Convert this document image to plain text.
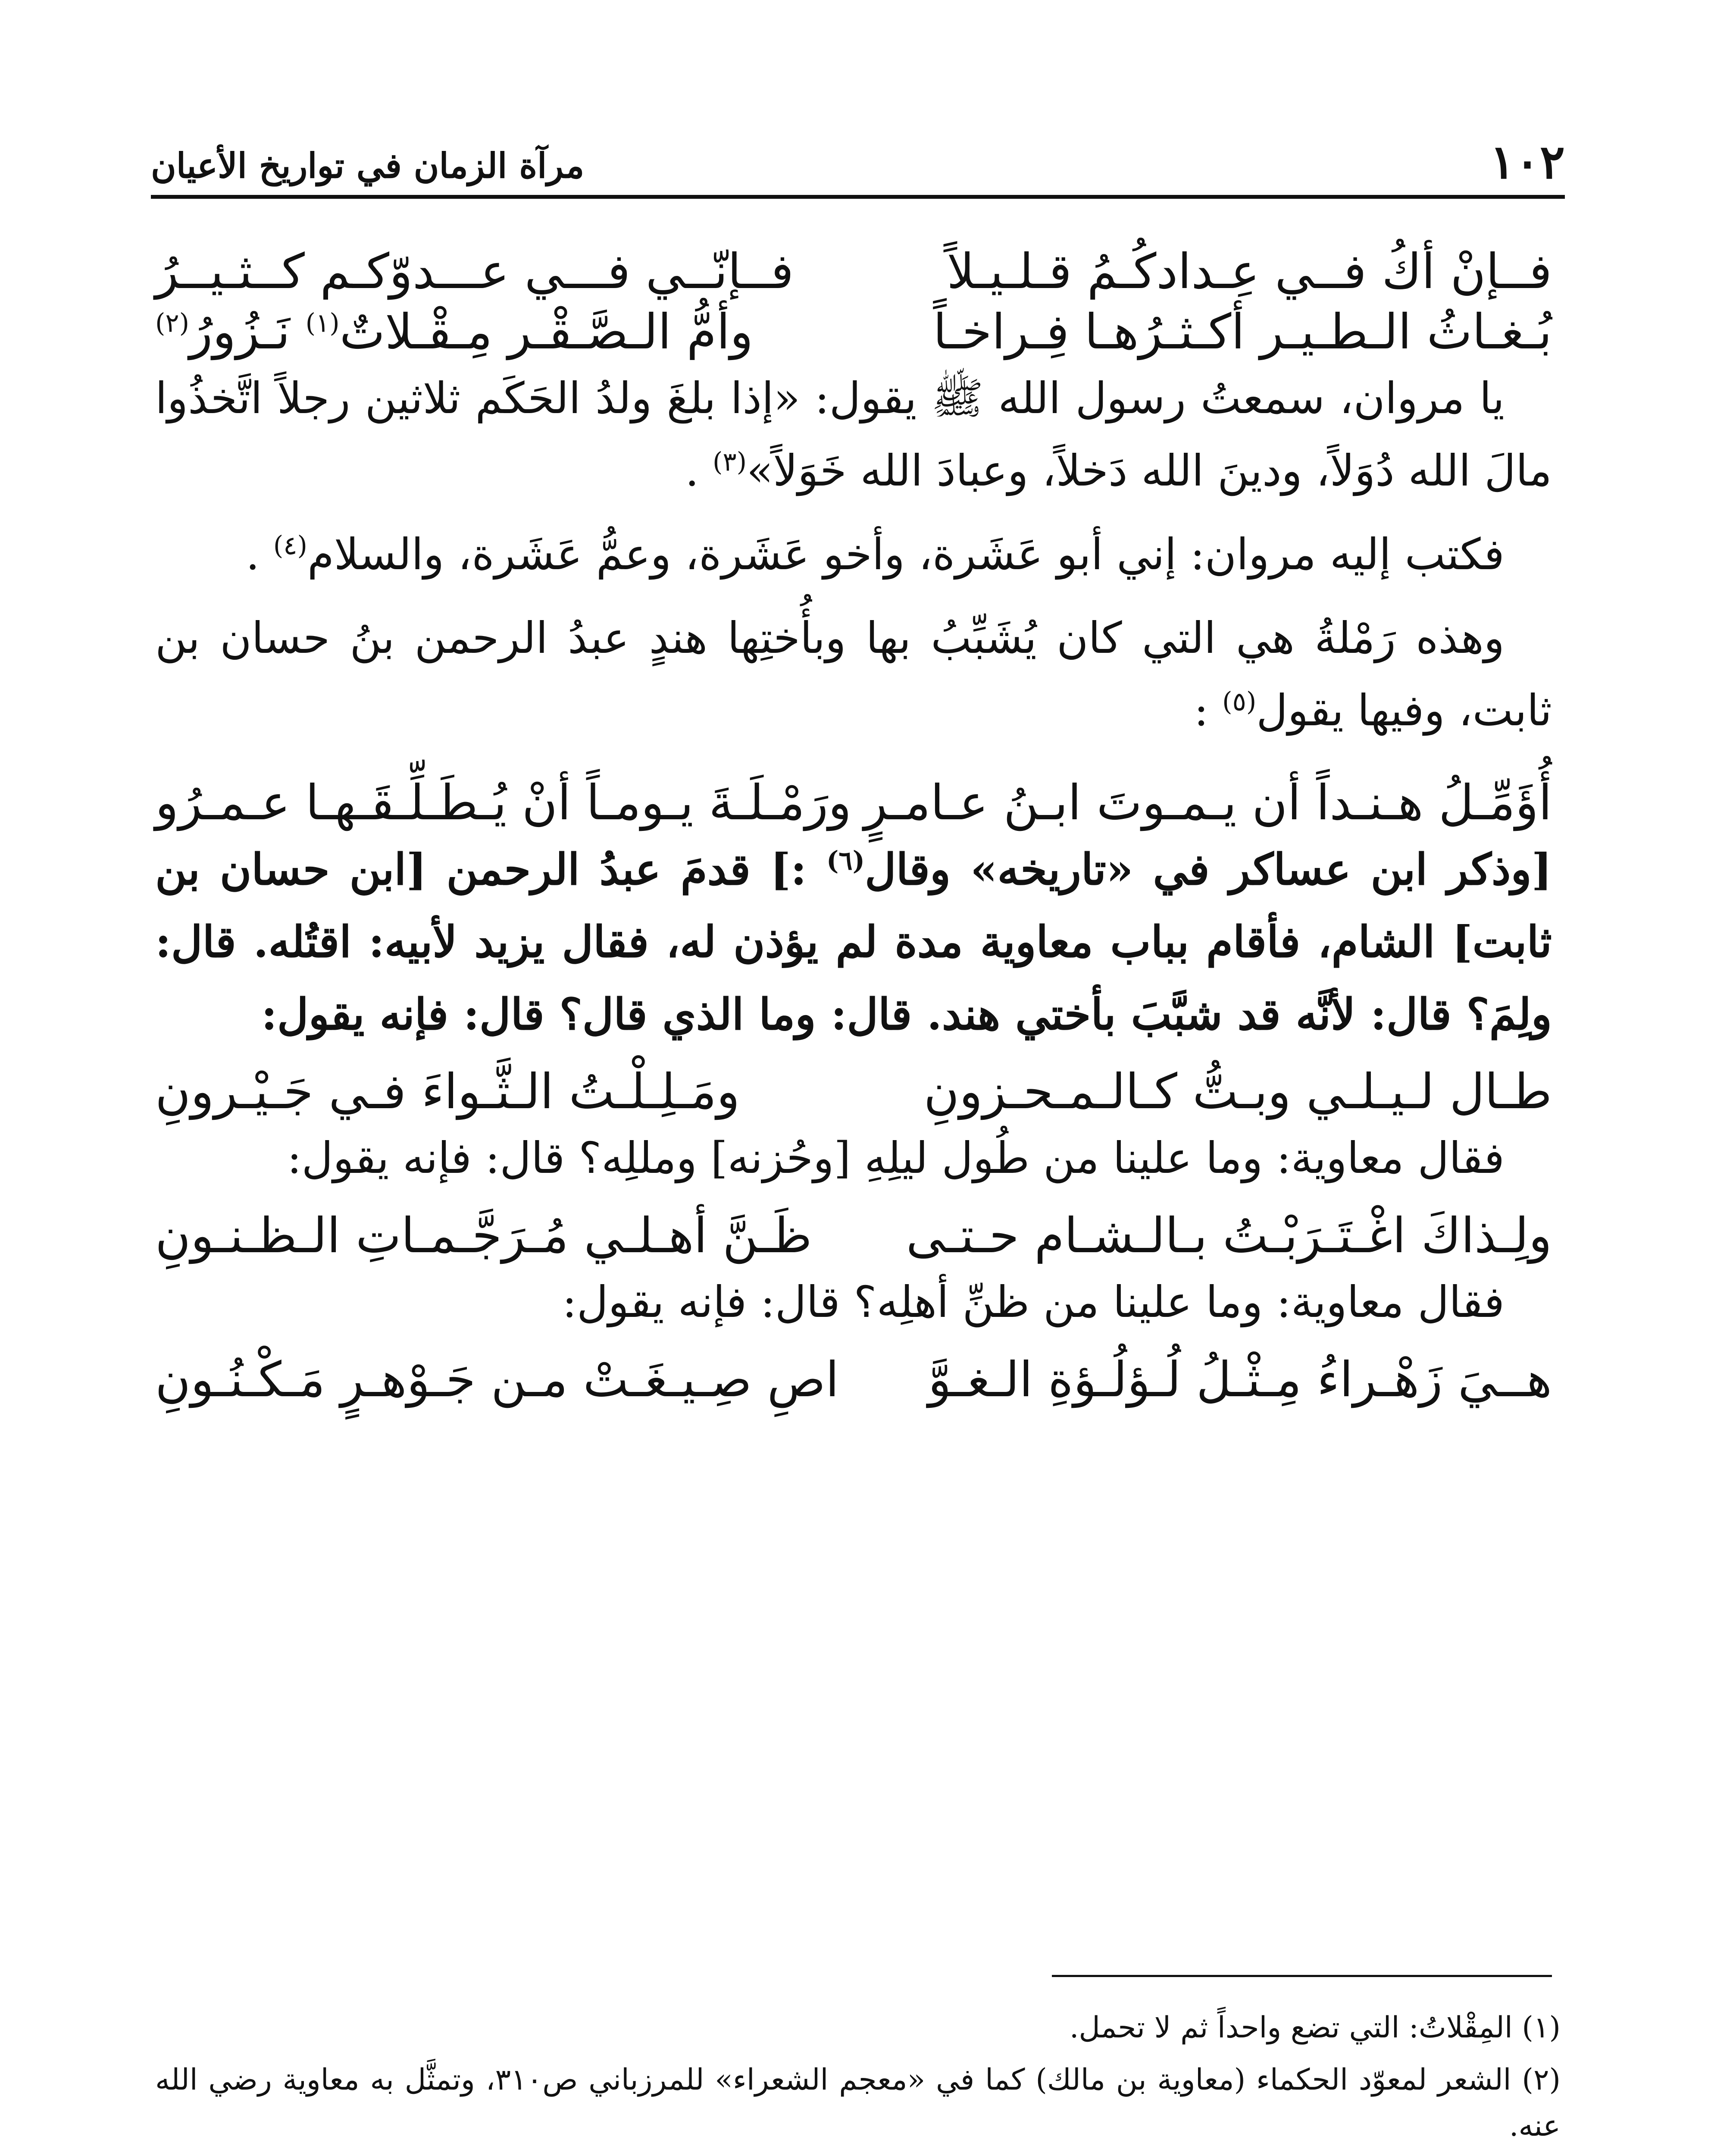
١٠٢
مرآة الزمان في تواريخ الأعيان
فــإنْ أكُ فــي عِـدادكُـمُ قـلـيـلاً
فــإنّــي فـــي عـــدوّكـم كــثـيــرُ
بُـغـاثُ الـطـيـر أكـثـرُهـا فِـراخـاً
وأمُّ الـصَّـقْـر مِـقْـلاتٌ$^{(١)}$ نَـزُورُ$^{(٢)}$

يا مروان، سمعتُ رسول الله ﷺ يقول: «إذا بلغَ ولدُ الحَكَم ثلاثين رجلاً اتَّخذُوا مالَ الله دُوَلاً، ودينَ الله دَخلاً، وعبادَ الله خَوَلاً»$^{(٣)}$ .

فكتب إليه مروان: إني أبو عَشَرة، وأخو عَشَرة، وعمُّ عَشَرة، والسلام$^{(٤)}$ .

وهذه رَمْلةُ هي التي كان يُشَبِّبُ بها وبأُختِها هندٍ عبدُ الرحمن بنُ حسان بن ثابت، وفيها يقول$^{(٥)}$ :

أُؤَمِّـلُ هـنـداً أن يـمـوتَ ابـنُ عـامـرٍ
ورَمْـلَـةَ يـومـاً أنْ يُـطَـلِّـقَـهـا عـمـرُو

[وذكر ابن عساكر في «تاريخه» وقال$^{(٦)}$ :] قدمَ عبدُ الرحمن [ابن حسان بن ثابت] الشام، فأقام بباب معاوية مدة لم يؤذن له، فقال يزيد لأبيه: اقتُله. قال: ولِمَ؟ قال: لأنَّه قد شبَّبَ بأختي هند. قال: وما الذي قال؟ قال: فإنه يقول:

طـال لـيـلـي وبـتُّ كـالـمـحـزونِ
ومَـلِـلْـتُ الـثَّـواءَ فـي جَـيْـرونِ

فقال معاوية: وما علينا من طُول ليلِهِ [وحُزنه] ومللِه؟ قال: فإنه يقول:

ولِـذاكَ اغْـتَـرَبْـتُ بـالـشـام حـتـى
ظَـنَّ أهـلـي مُـرَجَّـمـاتِ الـظـنـونِ

فقال معاوية: وما علينا من ظنِّ أهلِه؟ قال: فإنه يقول:

هــيَ زَهْـراءُ مِـثْـلُ لُـؤلُـؤةِ الـغـوَّ
اصِ صِـيـغَـتْ مـن جَـوْهـرٍ مَـكْـنُـونِ

(١) المِقْلاتُ: التي تضع واحداً ثم لا تحمل.

(٢) الشعر لمعوّد الحكماء (معاوية بن مالك) كما في «معجم الشعراء» للمرزباني ص٣١٠، وتمثَّل به معاوية رضي الله عنه.
